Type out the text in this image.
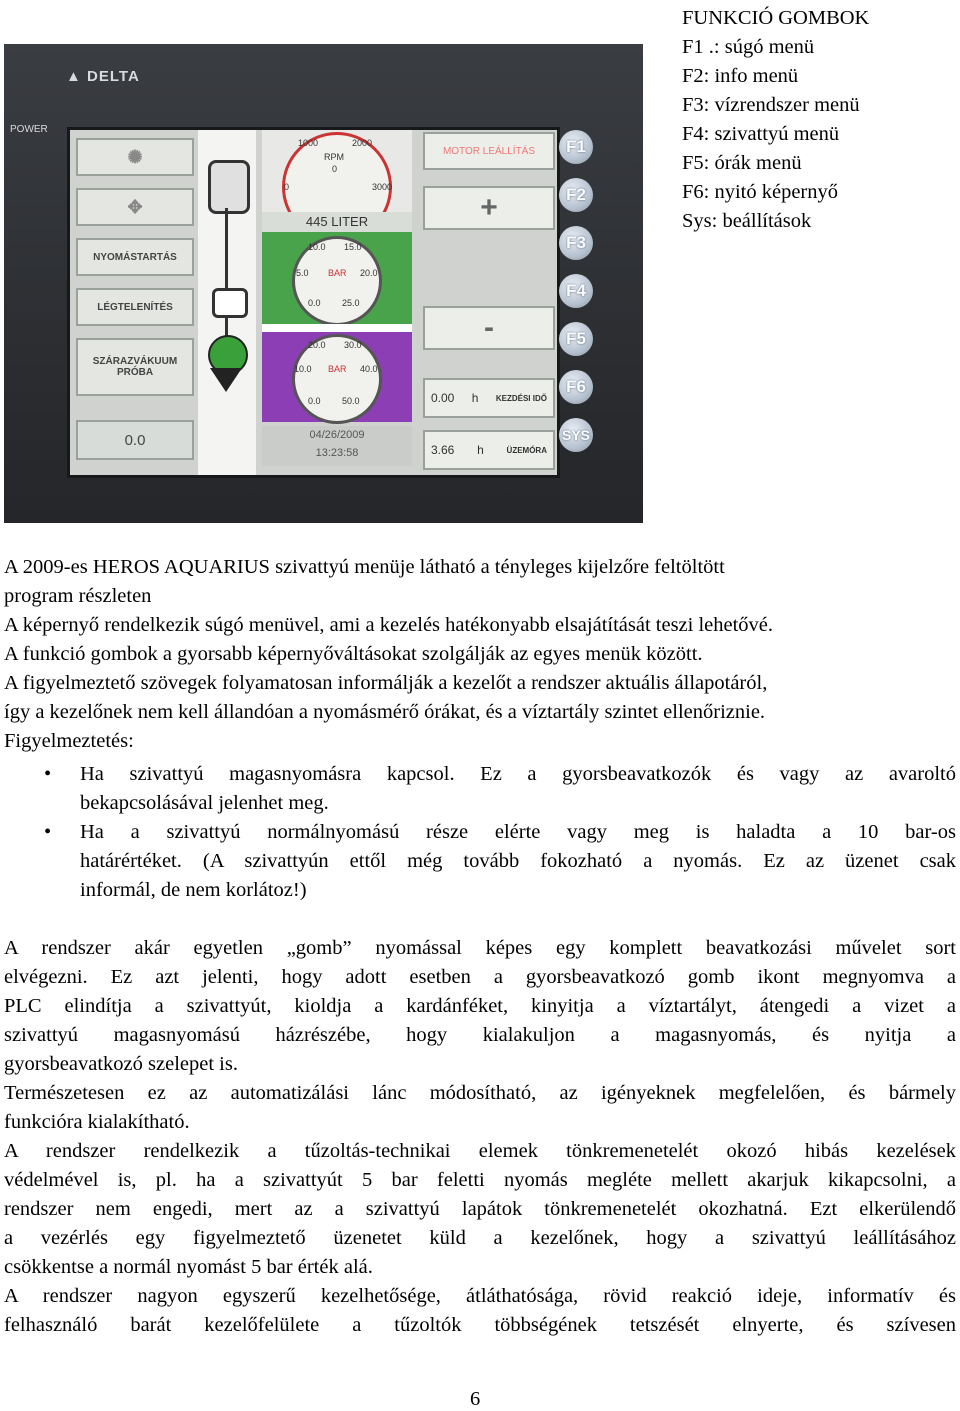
FUNKCIÓ GOMBOK
F1 .: súgó menü
F2: info menü
F3: vízrendszer menü
F4: szivattyú menü
F5: órák menü
F6: nyitó képernyő
Sys: beállítások
▲ DELTA
POWER
✺
✥
NYOMÁSTARTÁS
LÉGTELENÍTÉS
SZÁRAZVÁKUUM PRÓBA
0.0
1000	2000
RPM
0
0	3000
445 LITER
10.0 15.0
5.0 BAR 20.0
0.0 25.0
20.0 30.0
10.0 BAR 40.0
0.0 50.0
04/26/2009
13:23:58
MOTOR LEÁLLÍTÁS
+
-
0.00 h KEZDÉSI IDŐ
3.66 h	ÜZEMÓRA
F1
F2
F3
F4
F5
F6
SYS
A 2009-es HEROS AQUARIUS szivattyú menüje látható a tényleges kijelzőre feltöltött
program részleten
A képernyő rendelkezik súgó menüvel, ami a kezelés hatékonyabb elsajátítását teszi lehetővé.
A funkció gombok a gyorsabb képernyőváltásokat szolgálják az egyes menük között.
A figyelmeztető szövegek folyamatosan informálják a kezelőt a rendszer aktuális állapotáról,
így a kezelőnek nem kell állandóan a nyomásmérő órákat, és a víztartály szintet ellenőriznie.
Figyelmeztetés:
• Ha szivattyú magasnyomásra kapcsol. Ez a gyorsbeavatkozók és vagy az avaroltó
bekapcsolásával jelenhet meg.
• Ha a szivattyú normálnyomású része elérte vagy meg is haladta a 10 bar-os
határértéket. (A szivattyún ettől még tovább fokozható a nyomás. Ez az üzenet csak
informál, de nem korlátoz!)
A rendszer akár egyetlen „gomb” nyomással képes egy komplett beavatkozási művelet sort
elvégezni. Ez azt jelenti, hogy adott esetben a gyorsbeavatkozó gomb ikont megnyomva a
PLC elindítja a szivattyút, kioldja a kardánféket, kinyitja a víztartályt, átengedi a vizet a
szivattyú magasnyomású házrészébe, hogy kialakuljon a magasnyomás, és nyitja a
gyorsbeavatkozó szelepet is.
Természetesen ez az automatizálási lánc módosítható, az igényeknek megfelelően, és bármely
funkcióra kialakítható.
A rendszer rendelkezik a tűzoltás-technikai elemek tönkremenetelét okozó hibás kezelések
védelmével is, pl. ha a szivattyút 5 bar feletti nyomás megléte mellett akarjuk kikapcsolni, a
rendszer nem engedi, mert az a szivattyú lapátok tönkremenetelét okozhatná. Ezt elkerülendő
a vezérlés egy figyelmeztető üzenetet küld a kezelőnek, hogy a szivattyú leállításához
csökkentse a normál nyomást 5 bar érték alá.
A rendszer nagyon egyszerű kezelhetősége, átláthatósága, rövid reakció ideje, informatív és
felhasználó barát kezelőfelülete a tűzoltók többségének tetszését elnyerte, és szívesen
6
